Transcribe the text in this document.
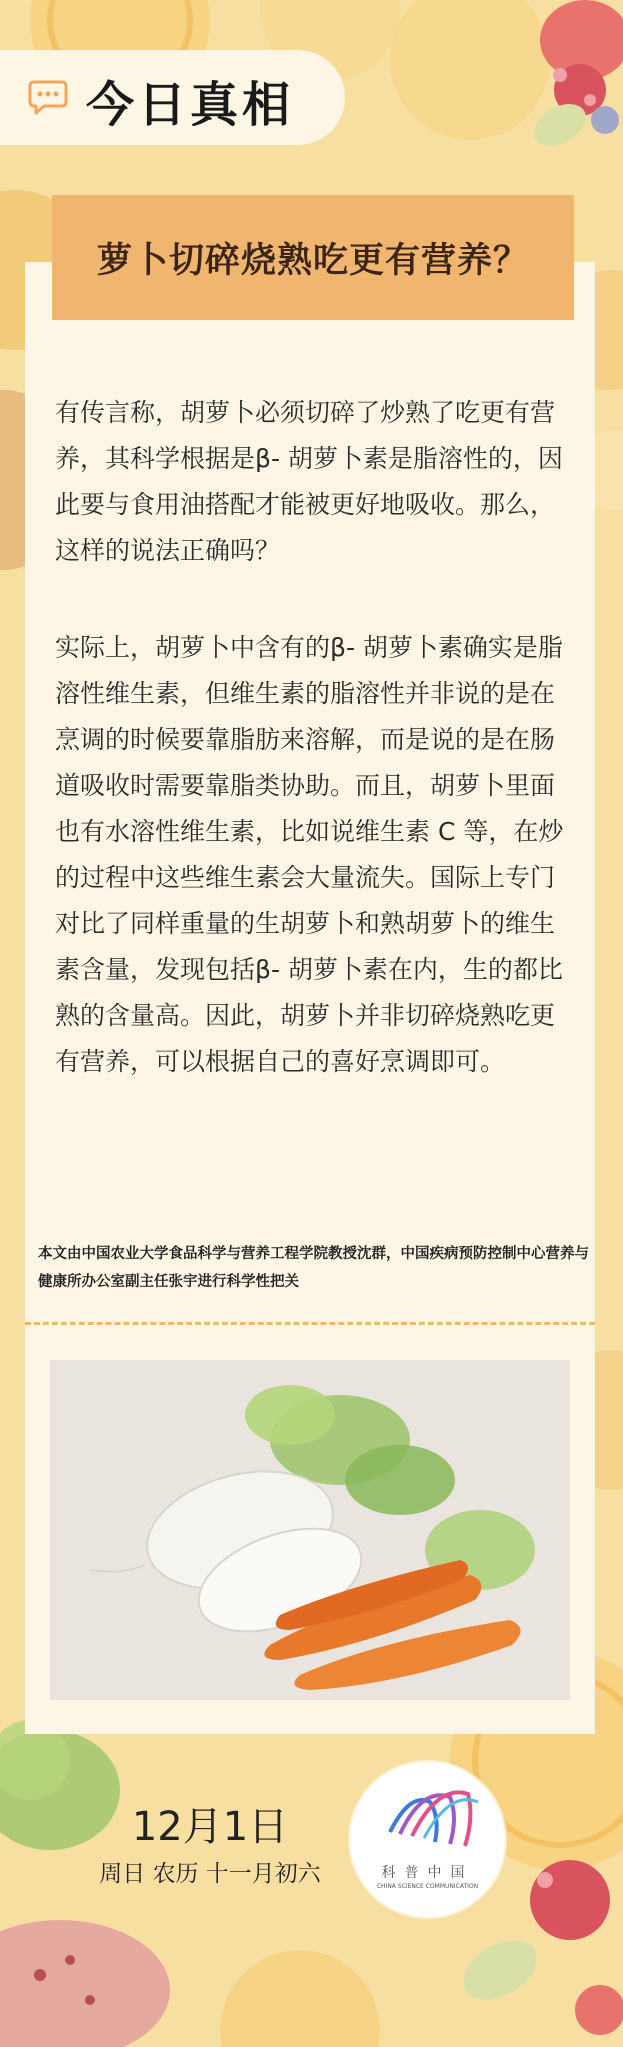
今日真相
萝卜切碎烧熟吃更有营养？
有传言称，胡萝卜必须切碎了炒熟了吃更有营养，其科学根据是β- 胡萝卜素是脂溶性的，因此要与食用油搭配才能被更好地吸收。那么，这样的说法正确吗？
实际上，胡萝卜中含有的β- 胡萝卜素确实是脂溶性维生素，但维生素的脂溶性并非说的是在烹调的时候要靠脂肪来溶解，而是说的是在肠道吸收时需要靠脂类协助。而且，胡萝卜里面也有水溶性维生素，比如说维生素 C 等，在炒的过程中这些维生素会大量流失。国际上专门对比了同样重量的生胡萝卜和熟胡萝卜的维生素含量，发现包括β- 胡萝卜素在内，生的都比熟的含量高。因此，胡萝卜并非切碎烧熟吃更有营养，可以根据自己的喜好烹调即可。
本文由中国农业大学食品科学与营养工程学院教授沈群，中国疾病预防控制中心营养与健康所办公室副主任张宇进行科学性把关
12月1日
周日 农历 十一月初六	科普中国
CHINA SCIENCE COMMUNICATION
